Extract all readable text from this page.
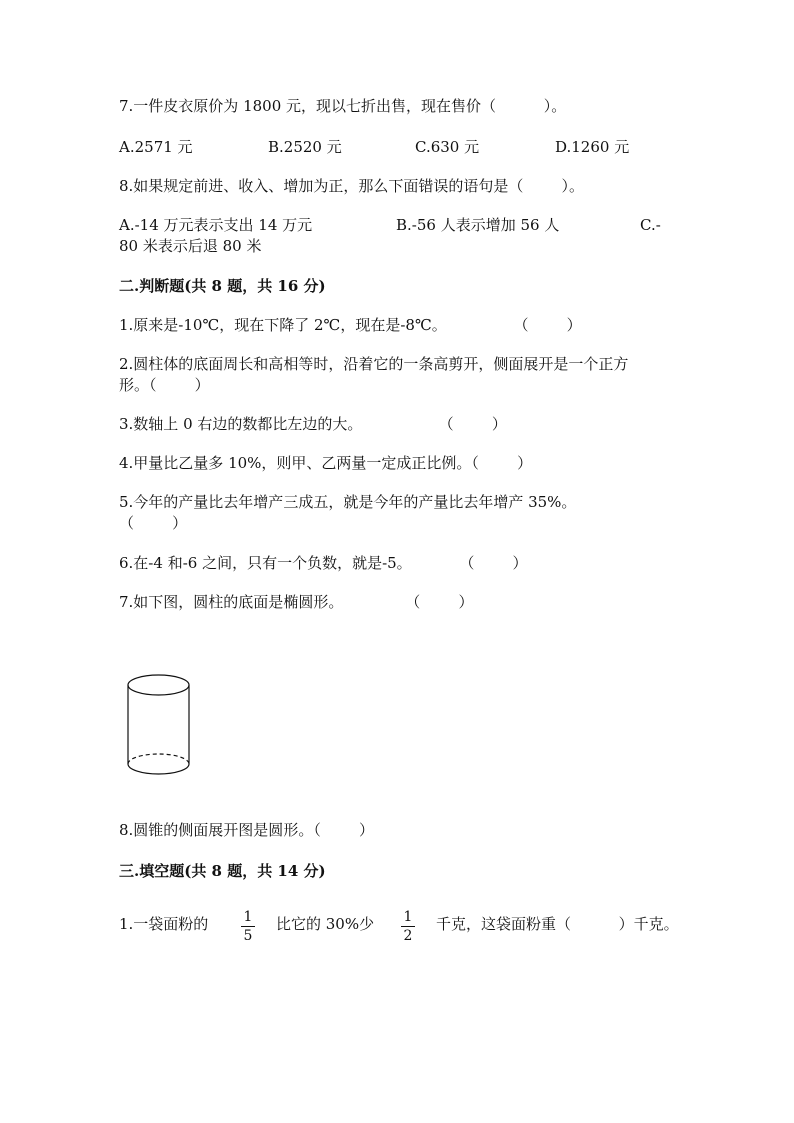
7.一件皮衣原价为 1800 元，现以七折出售，现在售价（          ）。
A.2571 元	B.2520 元	C.630 元	D.1260 元
8.如果规定前进、收入、增加为正，那么下面错误的语句是（        ）。
A.-14 万元表示支出 14 万元	B.-56 人表示增加 56 人	C.-
80 米表示后退 80 米
二.判断题(共 8 题，共 16 分)
1.原来是-10℃，现在下降了 2℃，现在是-8℃。              （        ）
2.圆柱体的底面周长和高相等时，沿着它的一条高剪开，侧面展开是一个正方
形。（        ）
3.数轴上 0 右边的数都比左边的大。                （        ）
4.甲量比乙量多 10%，则甲、乙两量一定成正比例。（        ）
5.今年的产量比去年增产三成五，就是今年的产量比去年增产 35%。
（        ）
6.在-4 和-6 之间，只有一个负数，就是-5。          （        ）
7.如下图，圆柱的底面是椭圆形。             （        ）
8.圆锥的侧面展开图是圆形。（        ）
三.填空题(共 8 题，共 14 分)
1.一袋面粉的	1
5
比它的 30%少 1
2
千克，这袋面粉重（          ）千克。
